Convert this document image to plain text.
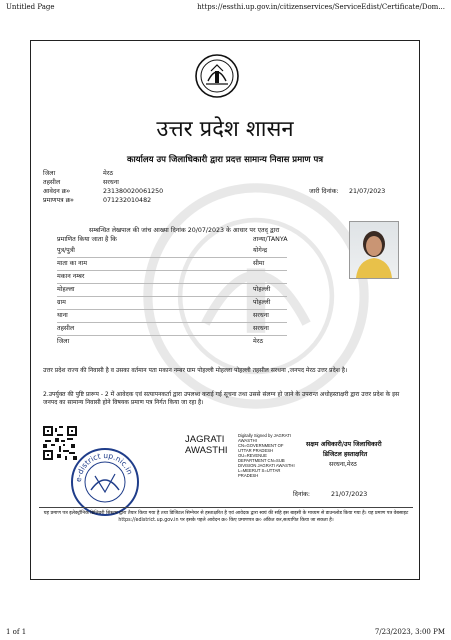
Untitled Page	https://essthi.up.gov.in/citizenservices/ServiceEdist/Certificate/Dom...
उत्तर प्रदेश शासन
कार्यालय उप जिलाधिकारी द्वारा प्रदत्त सामान्य निवास प्रमाण पत्र
जिला	मेरठ
तहसील	सरधना
आवेदन क्र०	231380020061250
प्रमाणपत्र क्र०	071232010482
जारी दिनांक: 21/07/2023
सम्बन्धित लेखपाल की जांच आख्या दिनांक 20/07/2023 के आधार पर एतद् द्वारा
प्रमाणित किया जाता है कि	तान्या/TANYA
पुत्र/पुत्री	योगेन्द्र
माता का नाम	सीमा
मकान नम्बर
मोहल्ला	पोहल्ली
ग्राम	पोहल्ली
थाना	सरधना
तहसील	सरधना
जिला	मेरठ
उत्तर प्रदेश राज्य की निवासी है व उसका वर्तमान पता मकान नम्बर ग्राम पोहल्ली मोहल्ला पोहल्ली तहसील सरधना ,जनपद मेरठ उत्तर प्रदेश है।
2.उपर्युक्त की पुष्टि प्रारूप - 2 में आवेदक एवं सत्यापनकर्ता द्वारा उपलब्ध कराई गई सूचना तथा उससे संलग्न हो जाने के उपरान्त अधोहस्ताक्षरी द्वारा उत्तर प्रदेश के इस जनपद का सामान्य निवासी होने विषयक प्रमाण पत्र निर्गत किया जा रहा है।
e-district up.nic.in
JAGRATI AWASTHI
Digitally Signed by JAGRATI AWASTHI CN=GOVERNMENT OF UTTAR PRADESH OU=REVENUE DEPARTMENT CN=SUB DIVISION JAGRATI AWASTHI L=MEERUT S=UTTAR PRADESH
सक्षम अधिकारी/उप जिलाधिकारी
डिजिटल हस्ताक्षरित
सरधना,मेरठ
दिनांक:	21/07/2023
यह प्रमाण पत्र इलेक्ट्रॉनिक डिलिवरी सिस्टम द्वारा तैयार किया गया है तथा डिजिटल सिग्नेचर से हस्ताक्षरित है एवं आवेदक द्वारा स्वयं की सहि इस बाइसी के माध्यम से डाउनलोड किया गया है। यह प्रमाण पत्र वेबसाइट https://edistrict.up.gov.in पर इसके पहले आवेदन क्र० किए प्रमाणपत्र क्र० अंकित कर,सत्यापित किया जा सकता है।
1 of 1	7/23/2023, 3:00 PM
